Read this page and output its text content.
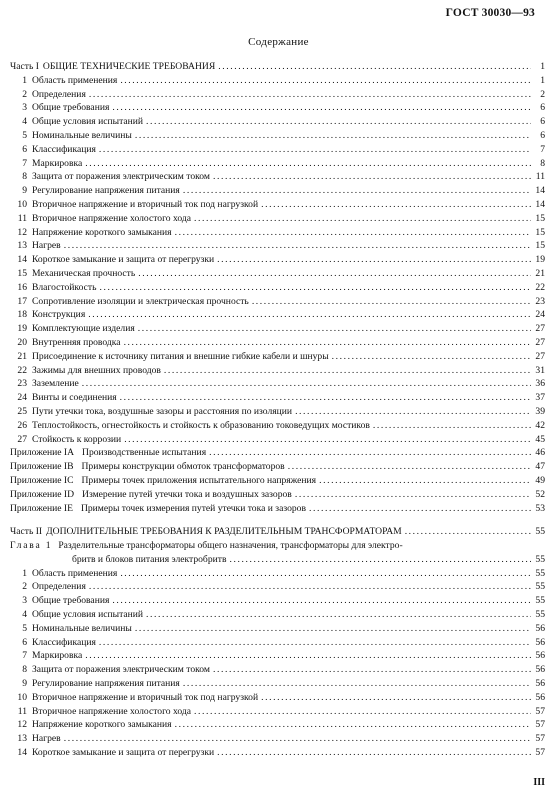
ГОСТ 30030—93
Содержание
Часть I ОБЩИЕ ТЕХНИЧЕСКИЕ ТРЕБОВАНИЯ .....	1
1 Область применения .....	1
2 Определения .....	2
3 Общие требования .....	6
4 Общие условия испытаний .....	6
5 Номинальные величины .....	6
6 Классификация .....	7
7 Маркировка .....	8
8 Защита от поражения электрическим током .....	11
9 Регулирование напряжения питания .....	14
10 Вторичное напряжение и вторичный ток под нагрузкой .....	14
11 Вторичное напряжение холостого хода .....	15
12 Напряжение короткого замыкания .....	15
13 Нагрев .....	15
14 Короткое замыкание и защита от перегрузки .....	19
15 Механическая прочность .....	21
16 Влагостойкость .....	22
17 Сопротивление изоляции и электрическая прочность .....	23
18 Конструкция .....	24
19 Комплектующие изделия .....	27
20 Внутренняя проводка .....	27
21 Присоединение к источнику питания и внешние гибкие кабели и шнуры .....	27
22 Зажимы для внешних проводов .....	31
23 Заземление .....	36
24 Винты и соединения .....	37
25 Пути утечки тока, воздушные зазоры и расстояния по изоляции .....	39
26 Теплостойкость, огнестойкость и стойкость к образованию токоведущих мостиков .....	42
27 Стойкость к коррозии .....	45
Приложение IA Производственные испытания .....	46
Приложение IB Примеры конструкции обмоток трансформаторов .....	47
Приложение IC Примеры точек приложения испытательного напряжения .....	49
Приложение ID Измерение путей утечки тока и воздушных зазоров .....	52
Приложение IE Примеры точек измерения путей утечки тока и зазоров .....	53
Часть II ДОПОЛНИТЕЛЬНЫЕ ТРЕБОВАНИЯ К РАЗДЕЛИТЕЛЬНЫМ ТРАНСФОРМАТОРАМ .....	55
Глава 1 Разделительные трансформаторы общего назначения, трансформаторы для электро-
бритв и блоков питания электробритв .....	55
1 Область применения .....	55
2 Определения .....	55
3 Общие требования .....	55
4 Общие условия испытаний .....	55
5 Номинальные величины .....	56
6 Классификация .....	56
7 Маркировка .....	56
8 Защита от поражения электрическим током .....	56
9 Регулирование напряжения питания .....	56
10 Вторичное напряжение и вторичный ток под нагрузкой .....	56
11 Вторичное напряжение холостого хода .....	57
12 Напряжение короткого замыкания .....	57
13 Нагрев .....	57
14 Короткое замыкание и защита от перегрузки .....	57
III
